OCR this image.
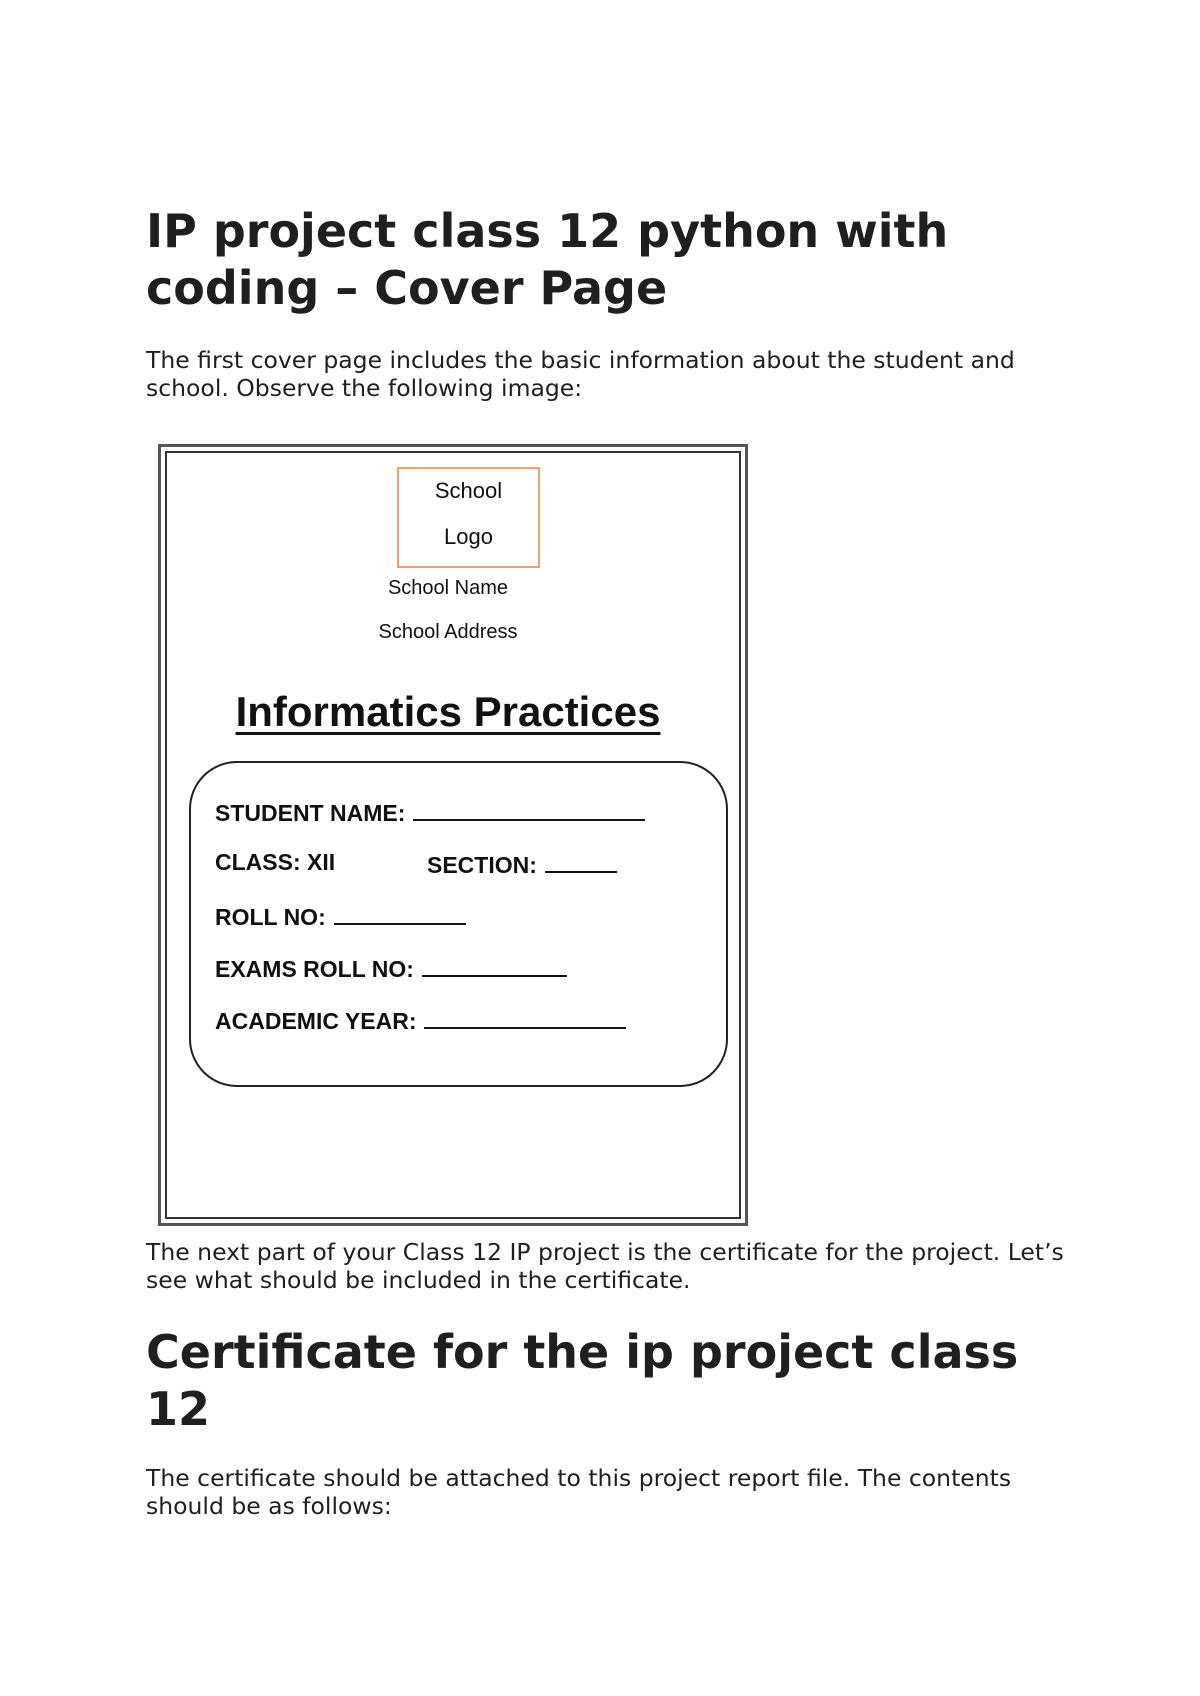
IP project class 12 python with coding – Cover Page

The first cover page includes the basic information about the student and school. Observe the following image:

The next part of your Class 12 IP project is the certificate for the project. Let’s see what should be included in the certificate.

Certificate for the ip project class 12

The certificate should be attached to this project report file. The contents should be as follows:

School
Logo
School Name
School Address
Informatics Practices
STUDENT NAME:
CLASS: XII	SECTION:
ROLL NO:
EXAMS ROLL NO:
ACADEMIC YEAR:
